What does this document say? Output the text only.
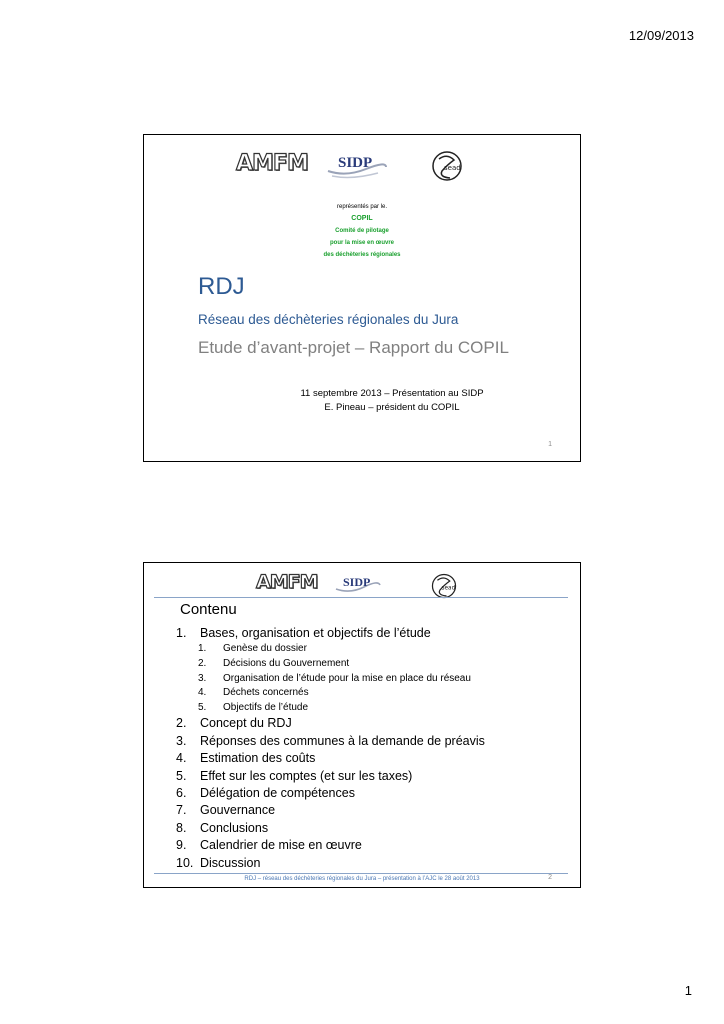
12/09/2013
AMFM SIDP	sead
représentés par le.
COPIL
Comité de pilotage
pour la mise en œuvre
des déchèteries régionales
RDJ
Réseau des déchèteries régionales du Jura
Etude d’avant-projet – Rapport du COPIL
11 septembre 2013 – Présentation au SIDP
E. Pineau – président du COPIL
1
AMFM SIDP	sead
Contenu
1. Bases, organisation et objectifs de l’étude
1. Genèse du dossier
2. Décisions du Gouvernement
3. Organisation de l’étude pour la mise en place du réseau
4. Déchets concernés
5. Objectifs de l’étude
2. Concept du RDJ
3. Réponses des communes à la demande de préavis
4. Estimation des coûts
5. Effet sur les comptes (et sur les taxes)
6. Délégation de compétences
7. Gouvernance
8. Conclusions
9. Calendrier de mise en œuvre
10. Discussion
RDJ – réseau des déchèteries régionales du Jura – présentation à l’AJC le 28 août 2013	2
1
